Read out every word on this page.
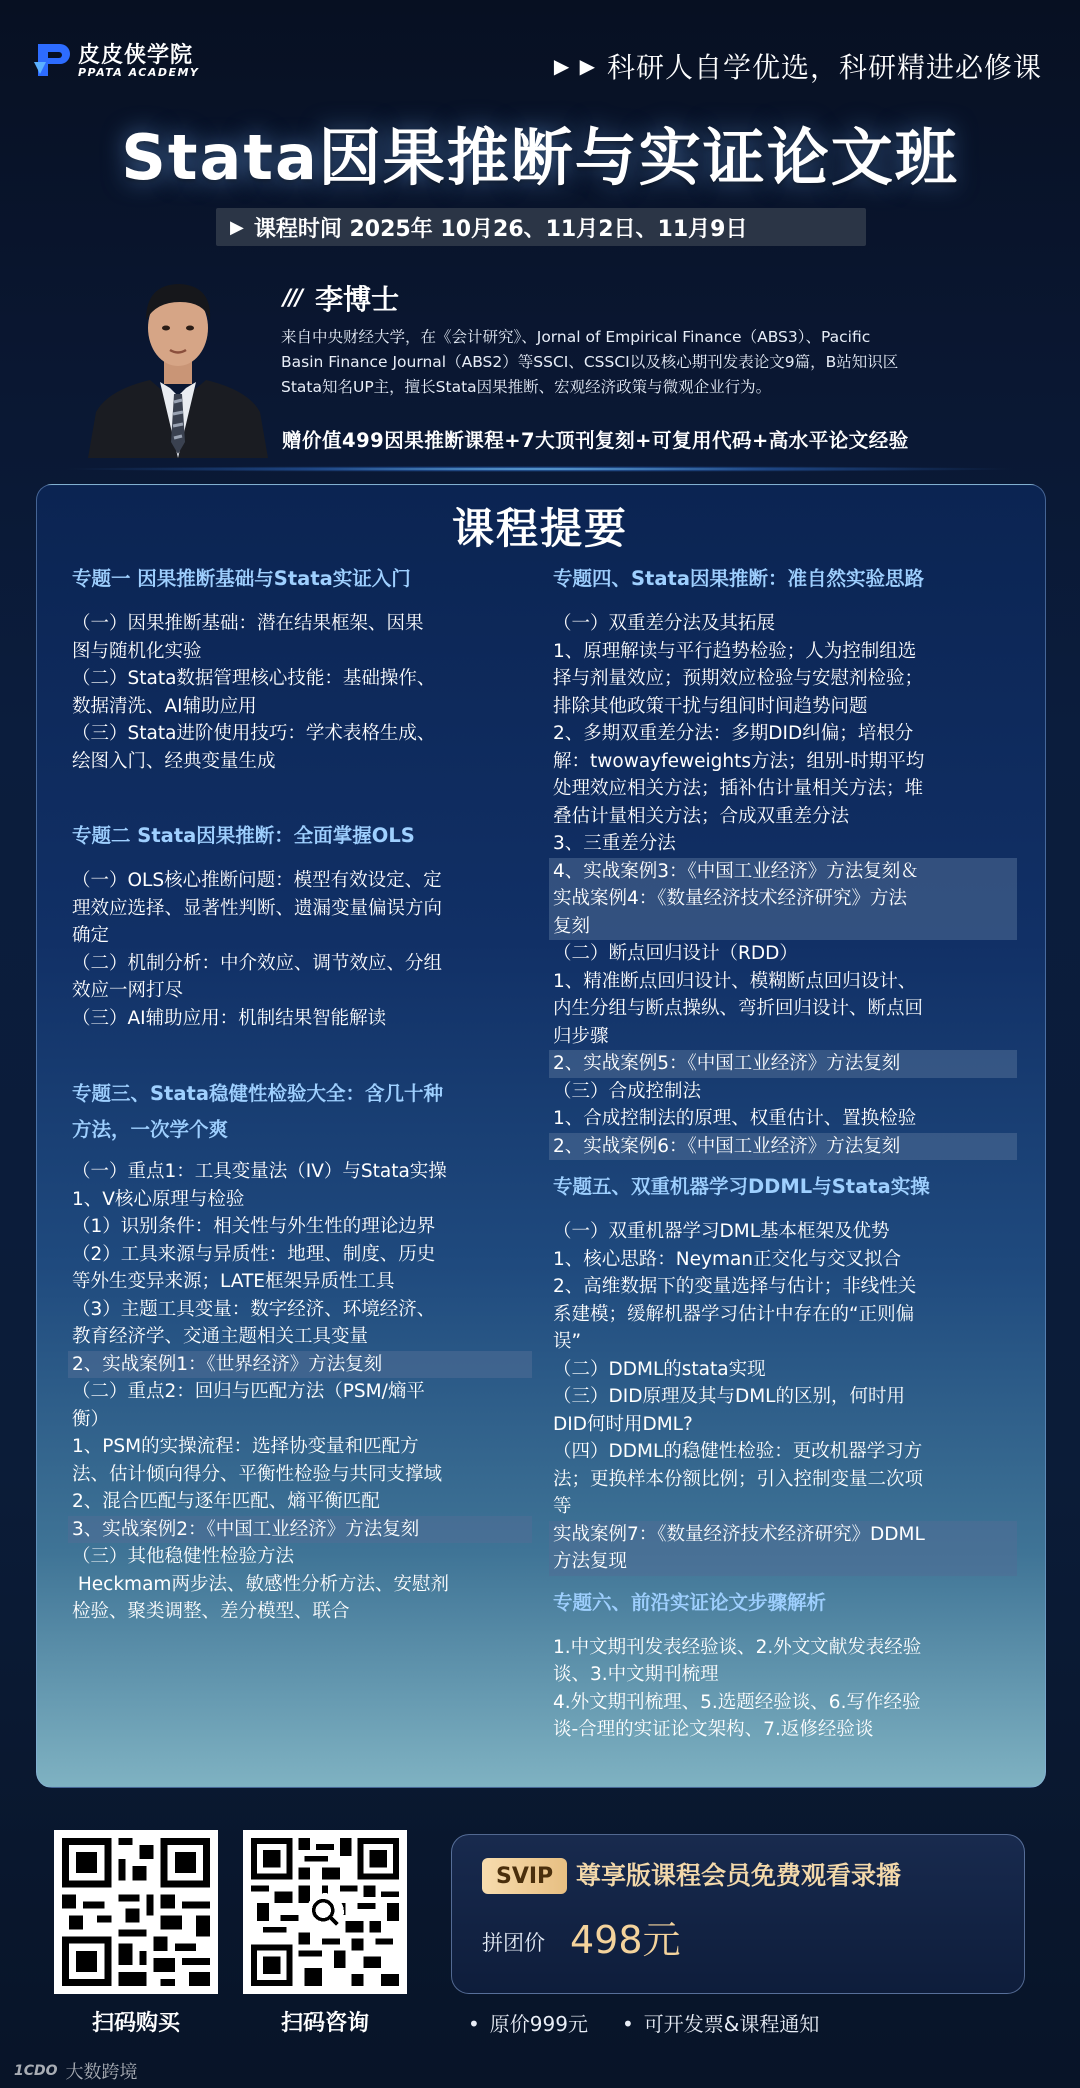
皮皮侠学院
PPATA ACADEMY	▶ ▶ 科研人自学优选，科研精进必修课
Stata因果推断与实证论文班
▶ 课程时间 2025年 10月26、11月2日、11月9日
/// 李博士
来自中央财经大学，在《会计研究》、Jornal of Empirical Finance（ABS3）、Pacific
Basin Finance Journal（ABS2）等SSCI、CSSCI以及核心期刊发表论文9篇，B站知识区
Stata知名UP主，擅长Stata因果推断、宏观经济政策与微观企业行为。
赠价值499因果推断课程+7大顶刊复刻+可复用代码+高水平论文经验
课程提要
专题一 因果推断基础与Stata实证入门
（一）因果推断基础：潜在结果框架、因果
图与随机化实验
（二）Stata数据管理核心技能：基础操作、
数据清洗、AI辅助应用
（三）Stata进阶使用技巧：学术表格生成、
绘图入门、经典变量生成
专题二 Stata因果推断：全面掌握OLS
（一）OLS核心推断问题：模型有效设定、定
理效应选择、显著性判断、遗漏变量偏误方向
确定
（二）机制分析：中介效应、调节效应、分组
效应一网打尽
（三）AI辅助应用：机制结果智能解读
专题三、Stata稳健性检验大全：含几十种
方法，一次学个爽
（一）重点1：工具变量法（IV）与Stata实操
1、V核心原理与检验
（1）识别条件：相关性与外生性的理论边界
（2）工具来源与异质性：地理、制度、历史
等外生变异来源；LATE框架异质性工具
（3）主题工具变量：数字经济、环境经济、
教育经济学、交通主题相关工具变量
2、实战案例1：《世界经济》方法复刻
（二）重点2：回归与匹配方法（PSM/熵平
衡）
1、PSM的实操流程：选择协变量和匹配方
法、估计倾向得分、平衡性检验与共同支撑域
2、混合匹配与逐年匹配、熵平衡匹配
3、实战案例2：《中国工业经济》方法复刻
（三）其他稳健性检验方法
Heckmam两步法、敏感性分析方法、安慰剂
检验、聚类调整、差分模型、联合
专题四、Stata因果推断：准自然实验思路
（一）双重差分法及其拓展
1、原理解读与平行趋势检验；人为控制组选
择与剂量效应；预期效应检验与安慰剂检验；
排除其他政策干扰与组间时间趋势问题
2、多期双重差分法：多期DID纠偏；培根分
解：twowayfeweights方法；组别-时期平均
处理效应相关方法；插补估计量相关方法；堆
叠估计量相关方法；合成双重差分法
3、三重差分法
4、实战案例3：《中国工业经济》方法复刻＆
实战案例4：《数量经济技术经济研究》方法
复刻
（二）断点回归设计（RDD）
1、精准断点回归设计、模糊断点回归设计、
内生分组与断点操纵、弯折回归设计、断点回
归步骤
2、实战案例5：《中国工业经济》方法复刻
（三）合成控制法
1、合成控制法的原理、权重估计、置换检验
2、实战案例6：《中国工业经济》方法复刻
专题五、双重机器学习DDML与Stata实操
（一）双重机器学习DML基本框架及优势
1、核心思路：Neyman正交化与交叉拟合
2、高维数据下的变量选择与估计；非线性关
系建模；缓解机器学习估计中存在的“正则偏
误”
（二）DDML的stata实现
（三）DID原理及其与DML的区别，何时用
DID何时用DML?
（四）DDML的稳健性检验：更改机器学习方
法；更换样本份额比例；引入控制变量二次项
等
实战案例7：《数量经济技术经济研究》DDML
方法复现
专题六、前沿实证论文步骤解析
1.中文期刊发表经验谈、2.外文文献发表经验
谈、3.中文期刊梳理
4.外文期刊梳理、5.选题经验谈、6.写作经验
谈-合理的实证论文架构、7.返修经验谈
扫码购买	扫码咨询
SVIP 尊享版课程会员免费观看录播
拼团价 498元
• 原价999元
•	可开发票&课程通知
1CDO 大数跨境
